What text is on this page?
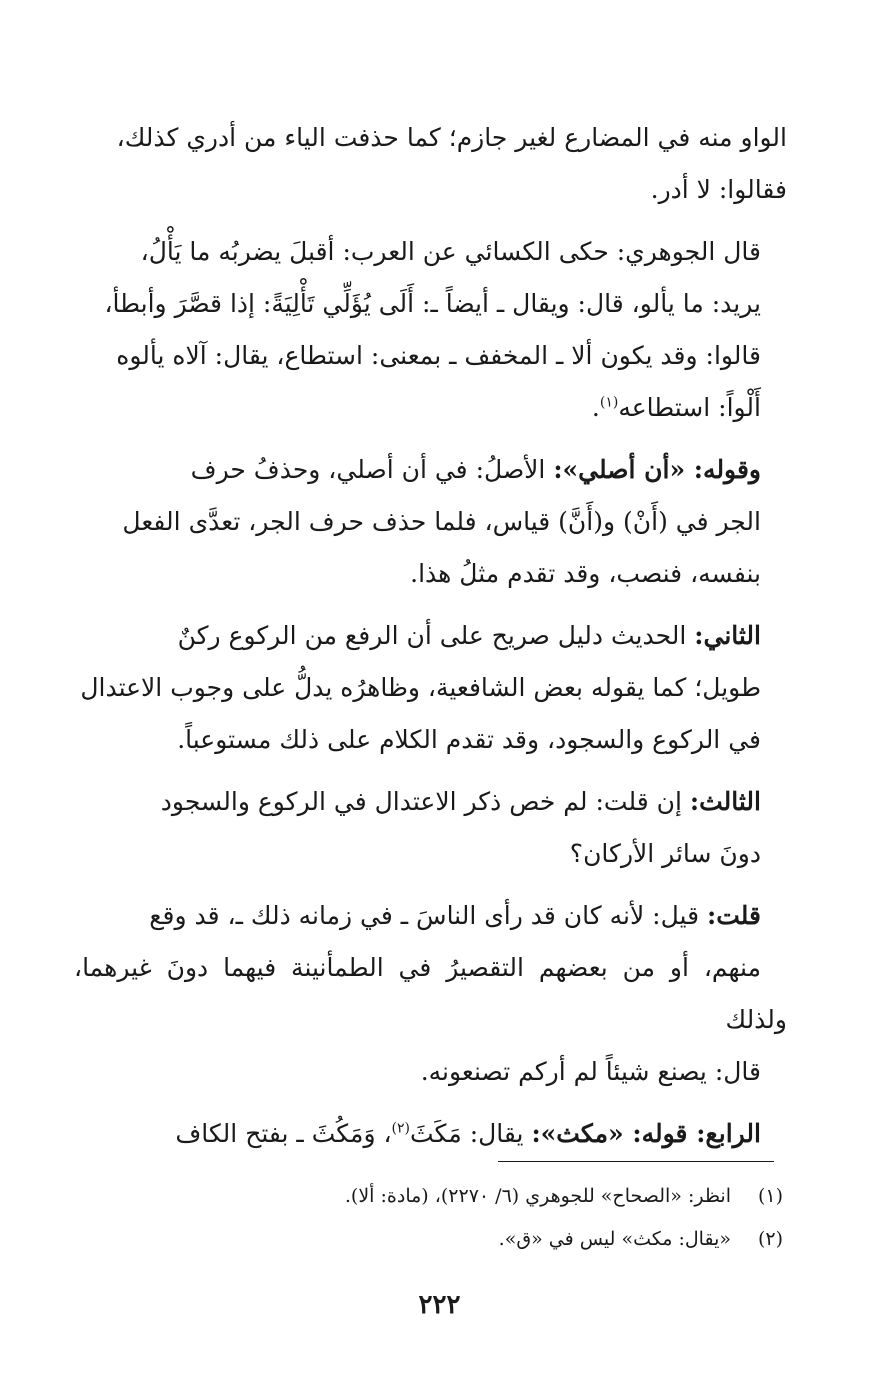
الواو منه في المضارع لغير جازم؛ كما حذفت الياء من أدري كذلك،
فقالوا: لا أدر.

قال الجوهري: حكى الكسائي عن العرب: أقبلَ يضربُه ما يَأْلُ،
يريد: ما يألو، قال: ويقال ـ أيضاً ـ: أَلَى يُؤَلِّي تَأْلِيَةً: إذا قصَّرَ وأبطأ،
قالوا: وقد يكون ألا ـ المخفف ـ بمعنى: استطاع، يقال: آلاه يألوه
أَلْواً: استطاعه$^{(١)}$.

وقوله: «أن أصلي»: الأصلُ: في أن أصلي، وحذفُ حرف
الجر في (أَنْ) و(أَنَّ) قياس، فلما حذف حرف الجر، تعدَّى الفعل
بنفسه، فنصب، وقد تقدم مثلُ هذا.

الثاني: الحديث دليل صريح على أن الرفع من الركوع ركنٌ
طويل؛ كما يقوله بعض الشافعية، وظاهرُه يدلُّ على وجوب الاعتدال
في الركوع والسجود، وقد تقدم الكلام على ذلك مستوعباً.

الثالث: إن قلت: لم خص ذكر الاعتدال في الركوع والسجود
دونَ سائر الأركان؟

قلت: قيل: لأنه كان قد رأى الناسَ ـ في زمانه ذلك ـ، قد وقع
منهم، أو من بعضهم التقصيرُ في الطمأنينة فيهما دونَ غيرهما، ولذلك
قال: يصنع شيئاً لم أركم تصنعونه.

الرابع: قوله: «مكث»: يقال: مَكَثَ$^{(٢)}$، وَمَكُثَ ـ بفتح الكاف

(١)
انظر: «الصحاح» للجوهري (٦/ ٢٢٧٠)، (مادة: ألا).
(٢)
«يقال: مكث» ليس في «ق».
٢٢٢
